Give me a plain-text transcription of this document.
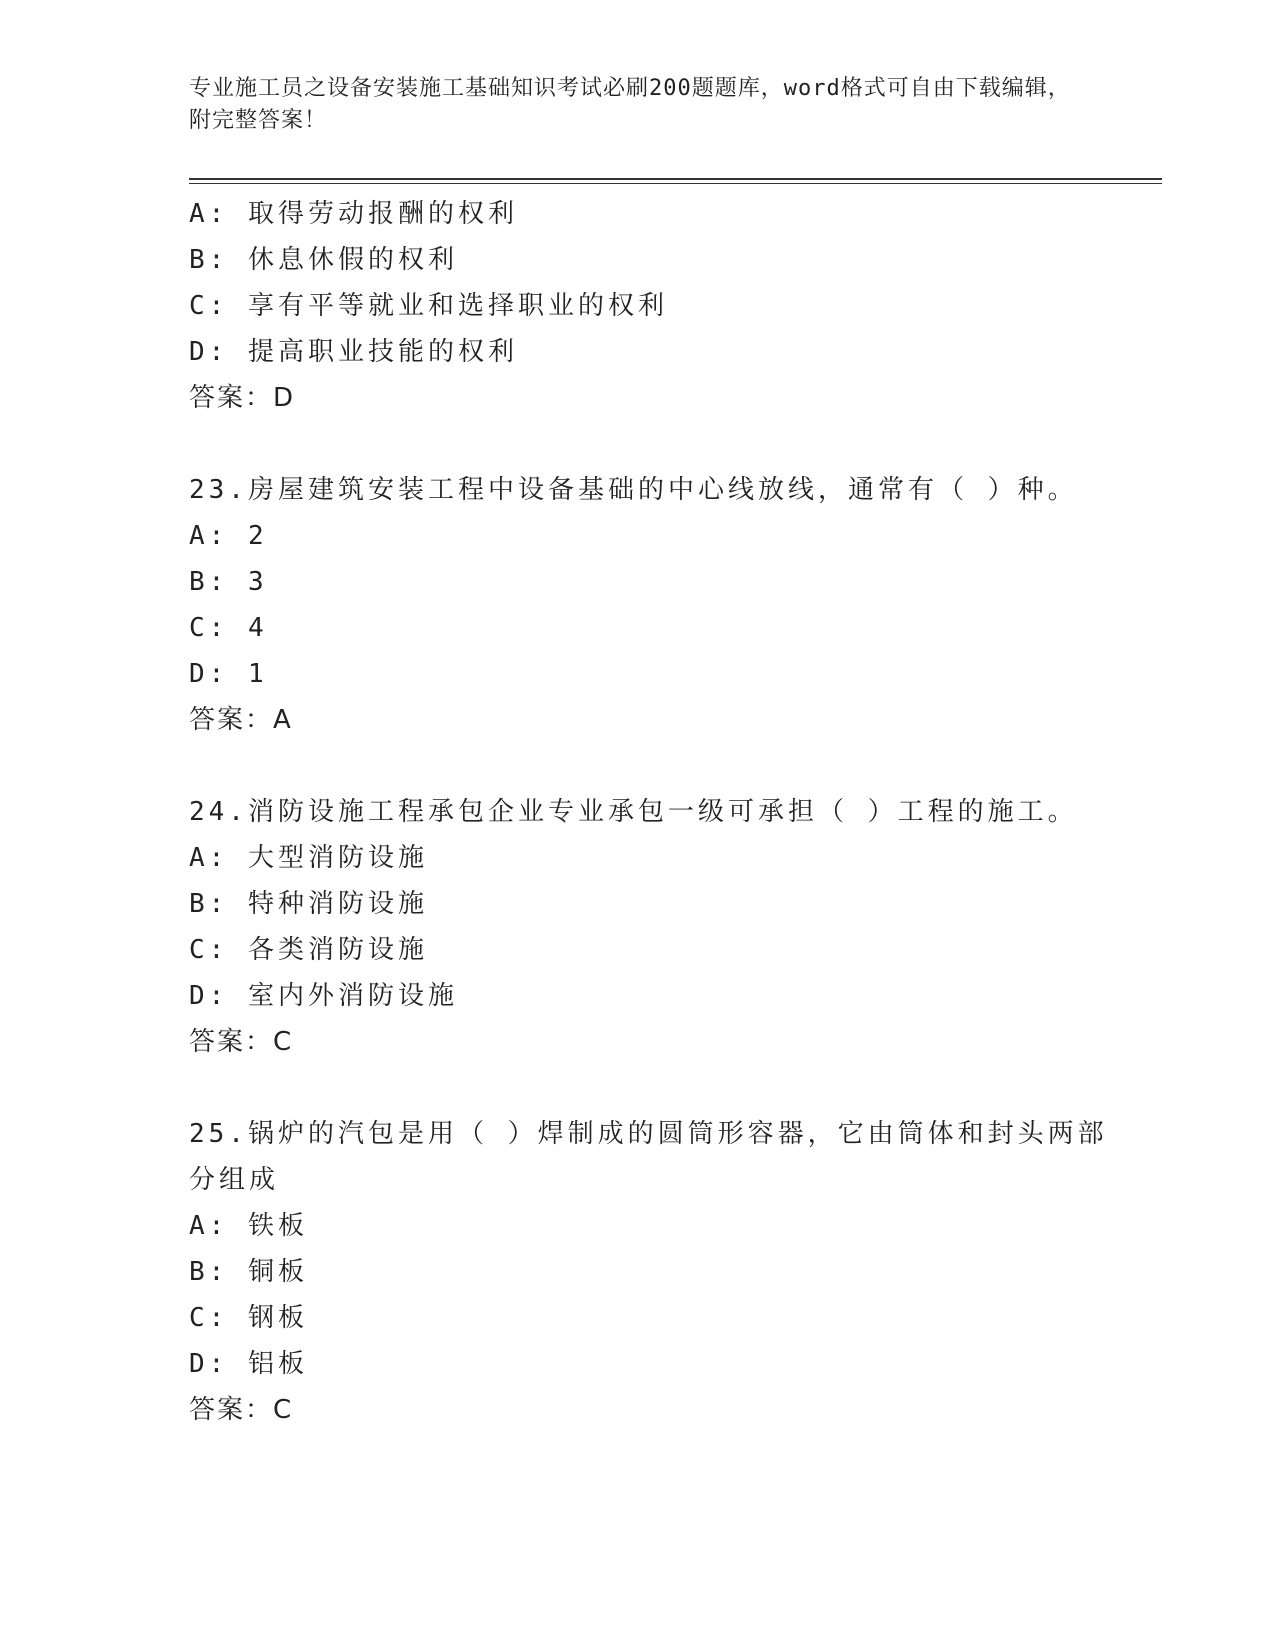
专业施工员之设备安装施工基础知识考试必刷200题题库，word格式可自由下载编辑，附完整答案！
A: 取得劳动报酬的权利
B: 休息休假的权利
C: 享有平等就业和选择职业的权利
D: 提高职业技能的权利
答案：D
23.房屋建筑安装工程中设备基础的中心线放线，通常有（ ）种。
A: 2
B: 3
C: 4
D: 1
答案：A
24.消防设施工程承包企业专业承包一级可承担（ ）工程的施工。
A: 大型消防设施
B: 特种消防设施
C: 各类消防设施
D: 室内外消防设施
答案：C
25.锅炉的汽包是用（ ）焊制成的圆筒形容器，它由筒体和封头两部
分组成
A: 铁板
B: 铜板
C: 钢板
D: 铝板
答案：C
